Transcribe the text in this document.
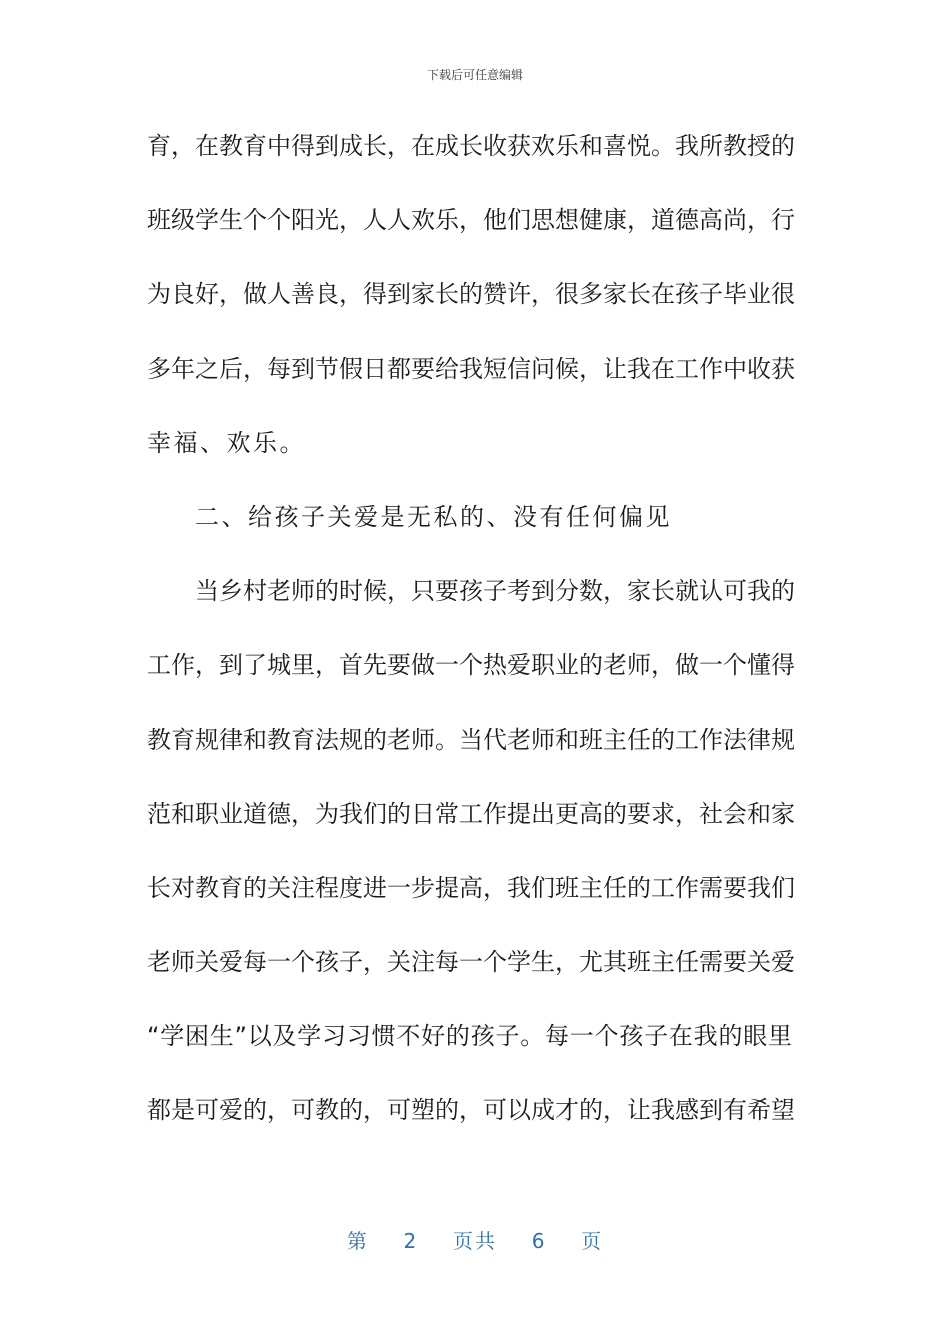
下载后可任意编辑
育，在教育中得到成长，在成长收获欢乐和喜悦。我所教授的
班级学生个个阳光，人人欢乐，他们思想健康，道德高尚，行
为良好，做人善良，得到家长的赞许，很多家长在孩子毕业很
多年之后，每到节假日都要给我短信问候，让我在工作中收获
幸福、欢乐。
二、给孩子关爱是无私的、没有任何偏见
当乡村老师的时候，只要孩子考到分数，家长就认可我的
工作，到了城里，首先要做一个热爱职业的老师，做一个懂得
教育规律和教育法规的老师。当代老师和班主任的工作法律规
范和职业道德，为我们的日常工作提出更高的要求，社会和家
长对教育的关注程度进一步提高，我们班主任的工作需要我们
老师关爱每一个孩子，关注每一个学生，尤其班主任需要关爱
“学困生”以及学习习惯不好的孩子。每一个孩子在我的眼里
都是可爱的，可教的，可塑的，可以成才的，让我感到有希望
第 2 页共 6 页
